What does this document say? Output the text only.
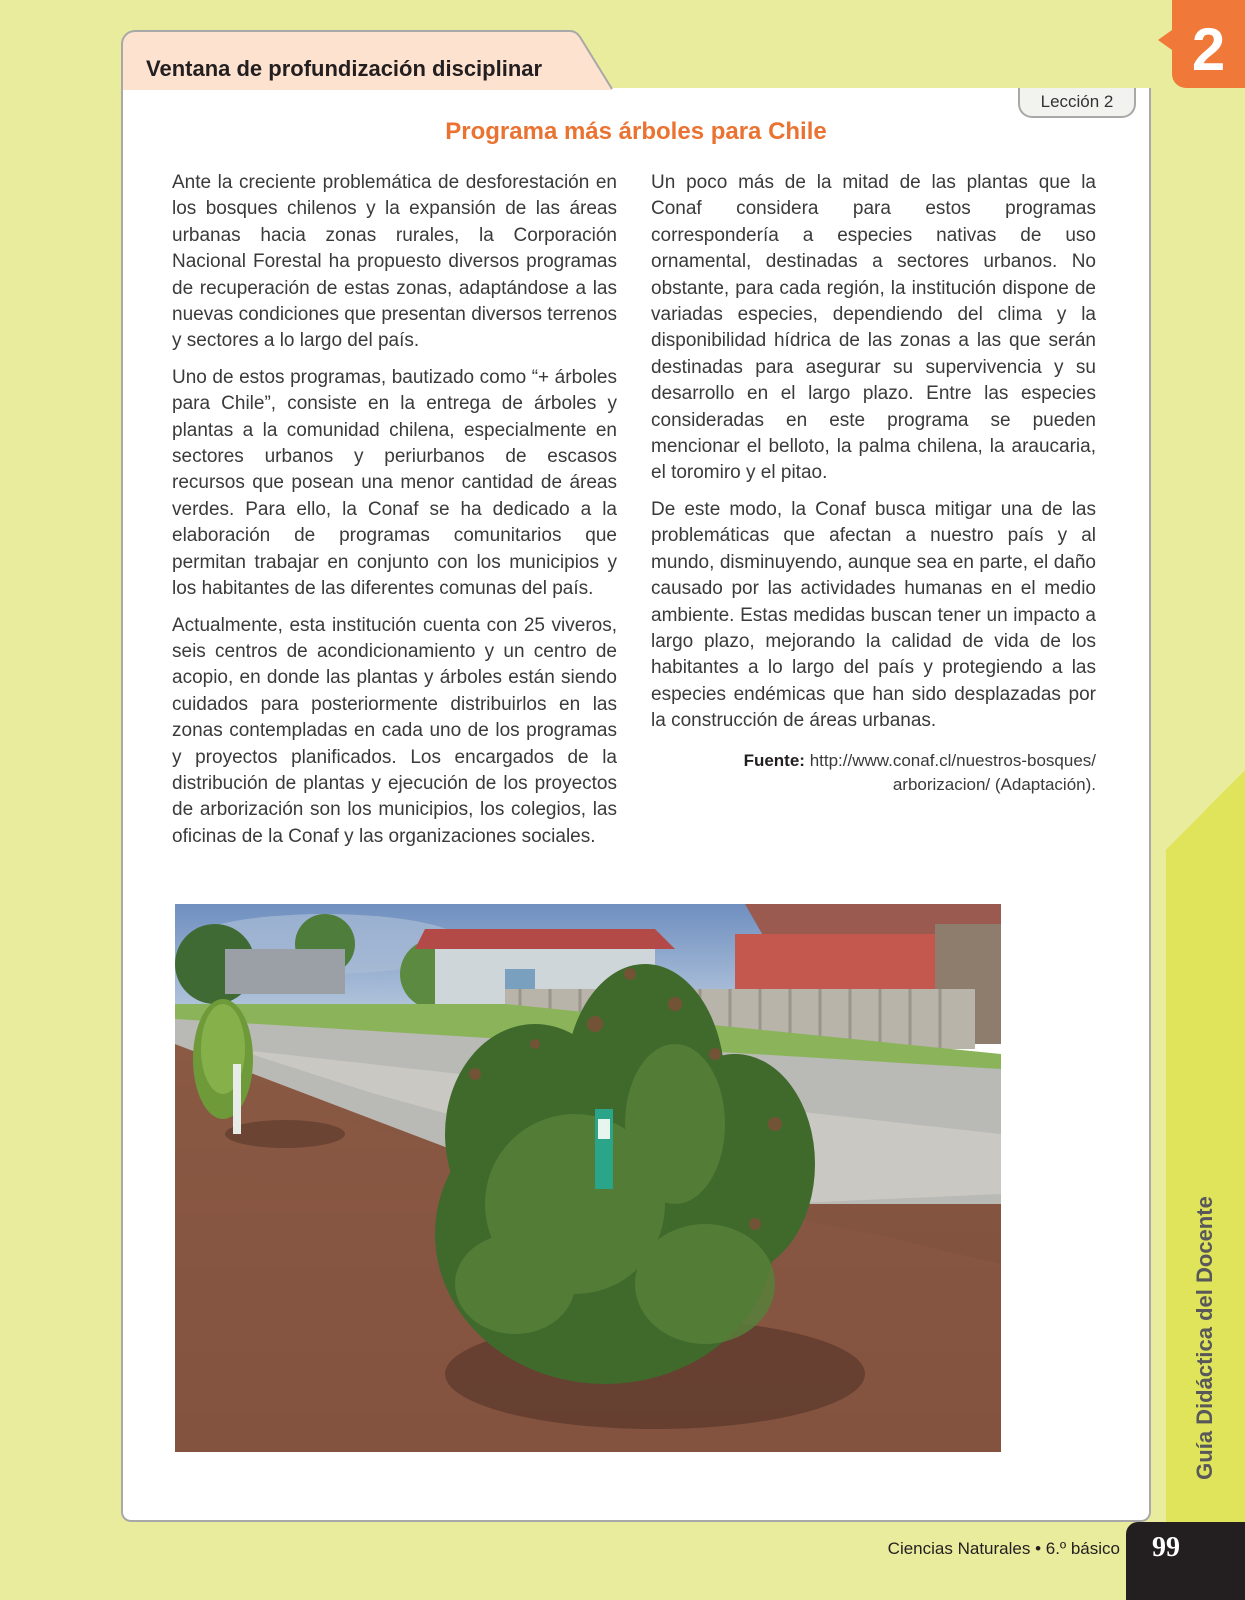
2
Guía Didáctica del Docente
Ventana de profundización disciplinar
Lección 2
Programa más árboles para Chile

Ante la creciente problemática de desforestación en los bosques chilenos y la expansión de las áreas urbanas hacia zonas rurales, la Corporación Nacional Forestal ha propuesto diversos programas de recuperación de estas zonas, adaptándose a las nuevas condiciones que presentan diversos terrenos y sectores a lo largo del país.

Uno de estos programas, bautizado como “+ árboles para Chile”, consiste en la entrega de árboles y plantas a la comunidad chilena, especialmente en sectores urbanos y periurbanos de escasos recursos que posean una menor cantidad de áreas verdes. Para ello, la Conaf se ha dedicado a la elaboración de programas comunitarios que permitan trabajar en conjunto con los municipios y los habitantes de las diferentes comunas del país.

Actualmente, esta institución cuenta con 25 viveros, seis centros de acondicionamiento y un centro de acopio, en donde las plantas y árboles están siendo cuidados para posteriormente distribuirlos en las zonas contempladas en cada uno de los programas y proyectos planificados. Los encargados de la distribución de plantas y ejecución de los proyectos de arborización son los municipios, los colegios, las oficinas de la Conaf y las organizaciones sociales.

Un poco más de la mitad de las plantas que la Conaf considera para estos programas correspondería a especies nativas de uso ornamental, destinadas a sectores urbanos. No obstante, para cada región, la institución dispone de variadas especies, dependiendo del clima y la disponibilidad hídrica de las zonas a las que serán destinadas para asegurar su supervivencia y su desarrollo en el largo plazo. Entre las especies consideradas en este programa se pueden mencionar el belloto, la palma chilena, la araucaria, el toromiro y el pitao.

De este modo, la Conaf busca mitigar una de las problemáticas que afectan a nuestro país y al mundo, disminuyendo, aunque sea en parte, el daño causado por las actividades humanas en el medio ambiente. Estas medidas buscan tener un impacto a largo plazo, mejorando la calidad de vida de los habitantes a lo largo del país y protegiendo a las especies endémicas que han sido desplazadas por la construcción de áreas urbanas.

Fuente: http://www.conaf.cl/nuestros-bosques/ arborizacion/ (Adaptación).
Ciencias Naturales • 6.º básico	99
